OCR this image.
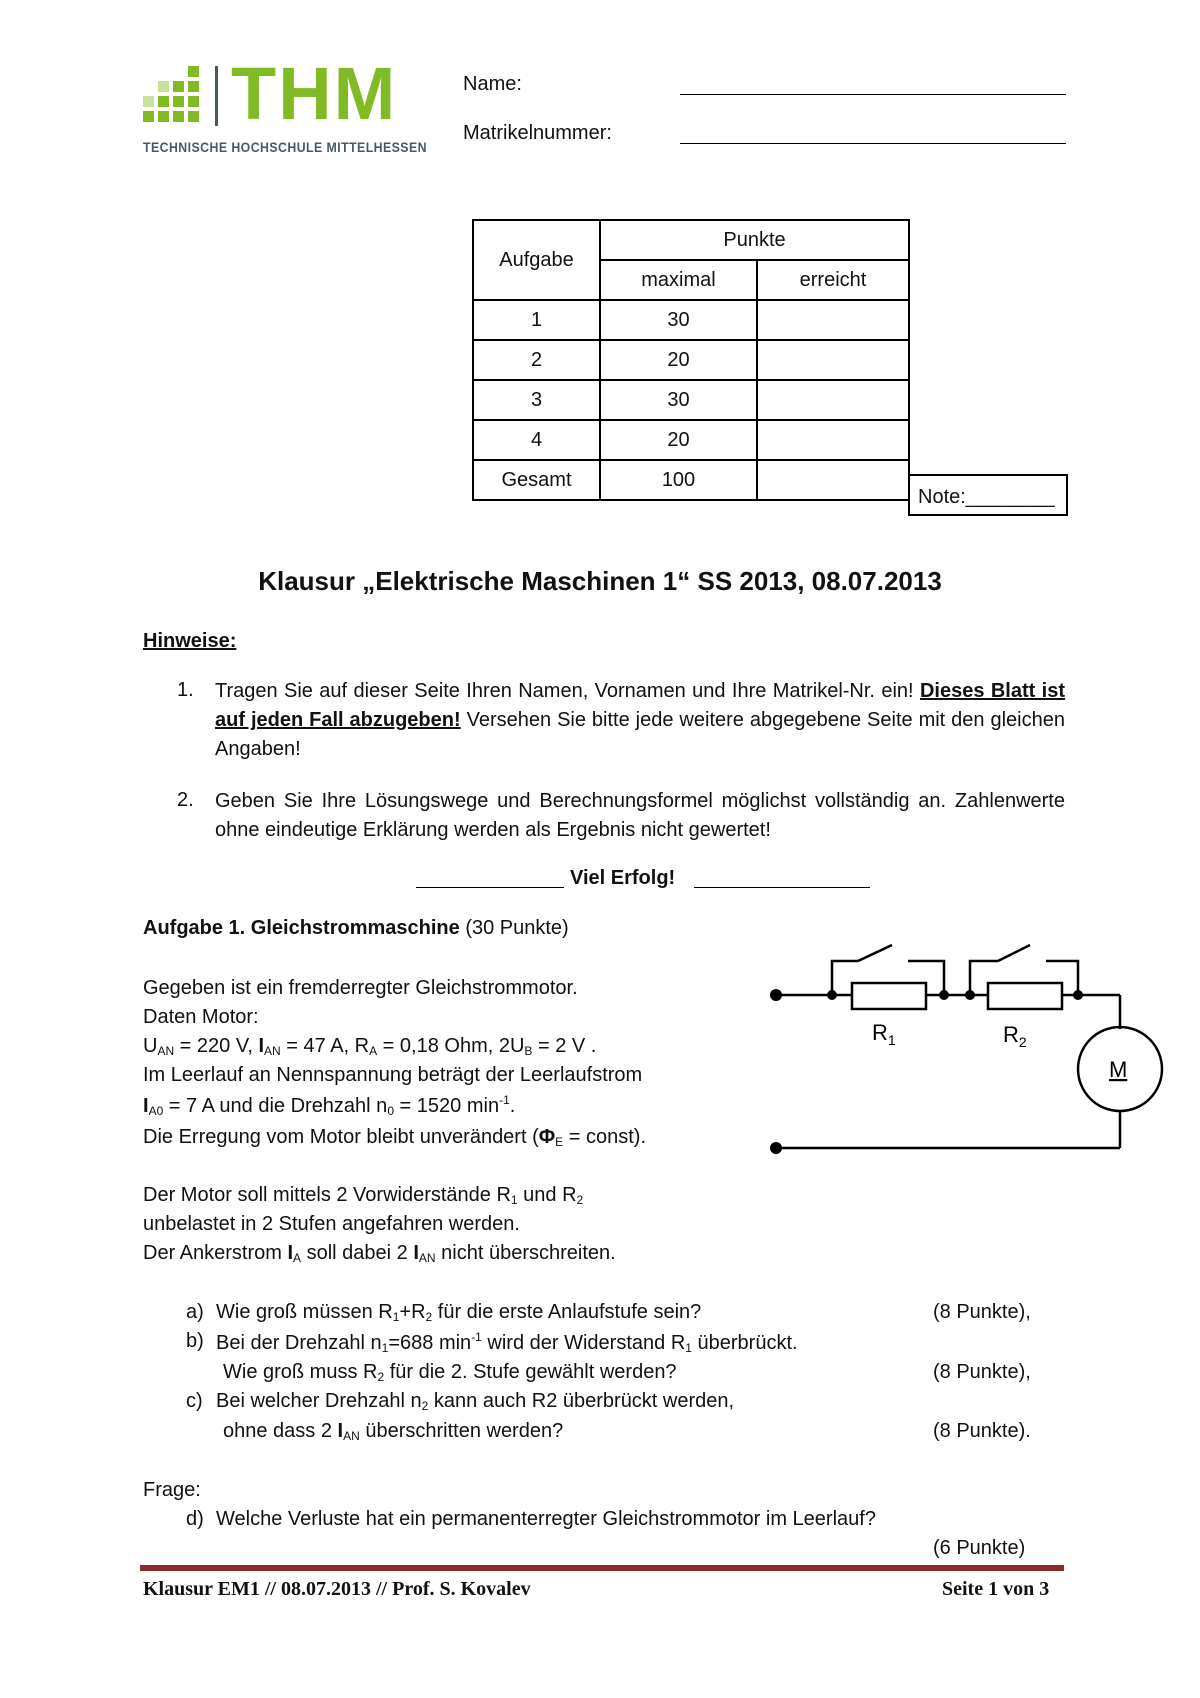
THM
TECHNISCHE HOCHSCHULE MITTELHESSEN
Name:
Matrikelnummer:
Aufgabe	Punkte	
	maximal	erreicht
1	30	
2	20	
3	30	
4	20	
Gesamt	100	
Note:________
Klausur „Elektrische Maschinen 1“ SS 2013, 08.07.2013
Hinweise:
1. Tragen Sie auf dieser Seite Ihren Namen, Vornamen und Ihre Matrikel-Nr. ein! Dieses Blatt ist auf jeden Fall abzugeben! Versehen Sie bitte jede weitere abgegebene Seite mit den gleichen Angaben!
2. Geben Sie Ihre Lösungswege und Berechnungsformel möglichst vollständig an. Zahlenwerte ohne eindeutige Erklärung werden als Ergebnis nicht gewertet!
Viel Erfolg!
Aufgabe 1. Gleichstrommaschine (30 Punkte)
Gegeben ist ein fremderregter Gleichstrommotor.
Daten Motor:
$U_{AN} = 220$ V, $I_{AN} = 47$ A, $R_A = 0,18$ Ohm, $2U_B = 2$ V .
Im Leerlauf an Nennspannung beträgt der Leerlaufstrom
$I_{A0} = 7$ A und die Drehzahl $n_0 = 1520$ $\min^{-1}$.
Die Erregung vom Motor bleibt unverändert ($\Phi_E$ = const).
Der Motor soll mittels 2 Vorwiderstände $R_1$ und $R_2$
unbelastet in 2 Stufen angefahren werden.
Der Ankerstrom $I_A$ soll dabei 2 $I_{AN}$ nicht überschreiten.
a) Wie groß müssen $R_1+R_2$ für die erste Anlaufstufe sein?	(8 Punkte),
b) Bei der Drehzahl $n_1=688$ $\min^{-1}$ wird der Widerstand $R_1$ überbrückt.
Wie groß muss $R_2$ für die 2. Stufe gewählt werden?	(8 Punkte),
c) Bei welcher Drehzahl $n_2$ kann auch R2 überbrückt werden,
ohne dass 2 $I_{AN}$ überschritten werden?	(8 Punkte).
Frage:
d) Welche Verluste hat ein permanenterregter Gleichstrommotor im Leerlauf?
(6 Punkte)
$R_1$	$R_2$
M
Klausur EM1 // 08.07.2013 // Prof. S. Kovalev	Seite 1 von 3
